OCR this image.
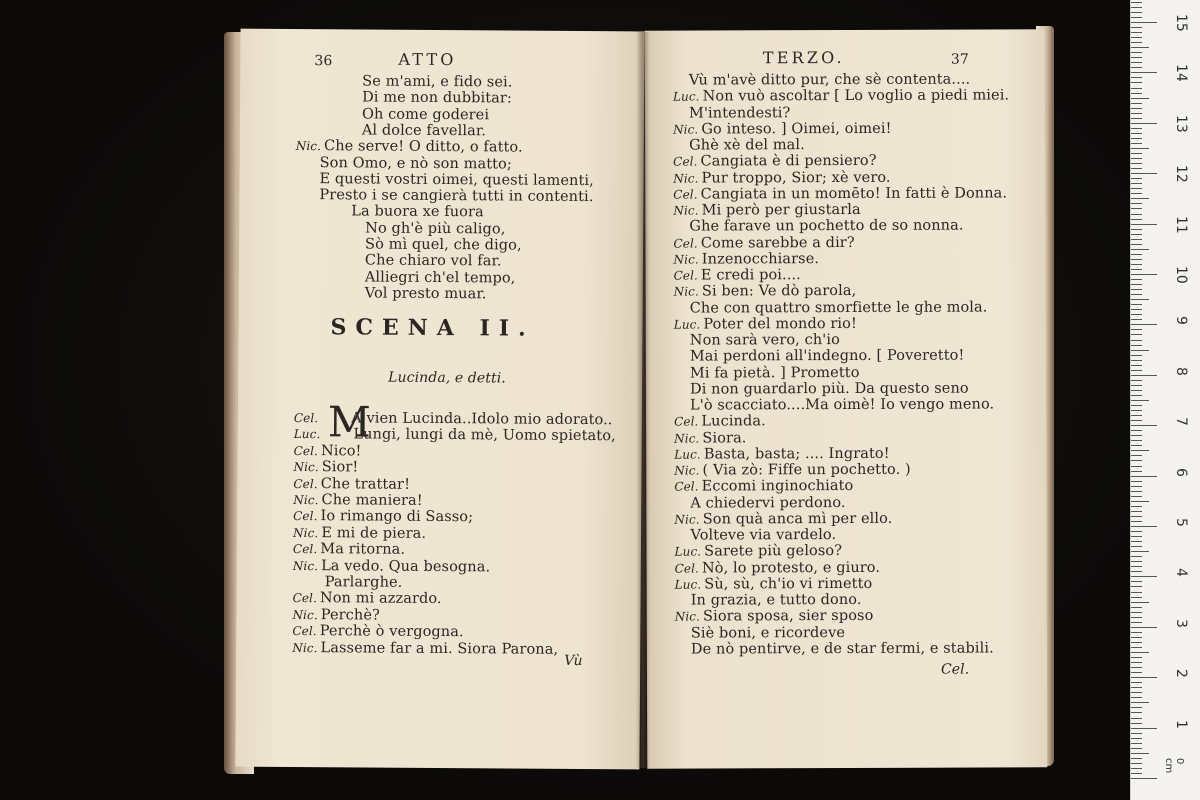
36	ATTO
Se m'ami, e fido sei.
Di me non dubbitar:
Oh come goderei
Al dolce favellar.
Nic. Che serve! O ditto, o fatto.
Son Omo, e nò son matto;
E questi vostri oimei, questi lamenti,
Presto i se cangierà tutti in contenti.
La buora xe fuora
No gh'è più caligo,
Sò mì quel, che digo,
Che chiaro vol far.
Alliegri ch'el tempo,
Vol presto muar.
SCENA II.
Lucinda, e detti.
M
Cel. A vien Lucinda..Idolo mio adorato..
Luc. Lungi, lungi da mè, Uomo spietato,
Cel. Nico!
Nic. Sior!
Cel. Che trattar!
Nic. Che maniera!
Cel. Io rimango di Sasso;
Nic. E mi de piera.
Cel. Ma ritorna.
Nic. La vedo. Qua besogna.
Parlarghe.
Cel. Non mi azzardo.
Nic. Perchè?
Cel. Perchè ò vergogna.
Nic. Lasseme far a mi. Siora Parona,
Vù
TERZO.	37
Vù m'avè ditto pur, che sè contenta....
Luc. Non vuò ascoltar [ Lo voglio a piedi miei.
M'intendesti?
Nic. Go inteso. ] Oimei, oimei!
Ghè xè del mal.
Cel. Cangiata è di pensiero?
Nic. Pur troppo, Sior; xè vero.
Cel. Cangiata in un momēto! In fatti è Donna.
Nic. Mi però per giustarla
Ghe farave un pochetto de so nonna.
Cel. Come sarebbe a dir?
Nic. Inzenocchiarse.
Cel. E credi poi....
Nic. Si ben: Ve dò parola,
Che con quattro smorfiette le ghe mola.
Luc. Poter del mondo rio!
Non sarà vero, ch'io
Mai perdoni all'indegno. [ Poveretto!
Mi fa pietà. ] Prometto
Di non guardarlo più. Da questo seno
L'ò scacciato....Ma oimè! Io vengo meno.
Cel. Lucinda.
Nic. Siora.
Luc. Basta, basta; .... Ingrato!
Nic. ( Via zò: Fiffe un pochetto. )
Cel. Eccomi inginochiato
A chiedervi perdono.
Nic. Son quà anca mì per ello.
Volteve via vardelo.
Luc. Sarete più geloso?
Cel. Nò, lo protesto, e giuro.
Luc. Sù, sù, ch'io vi rimetto
In grazia, e tutto dono.
Nic. Siora sposa, sier sposo
Siè boni, e ricordeve
De nò pentirve, e de star fermi, e stabili.
Cel.
0 cm
15
14
13
12
11
10
9
8
7
6
5
4
3
2
1
